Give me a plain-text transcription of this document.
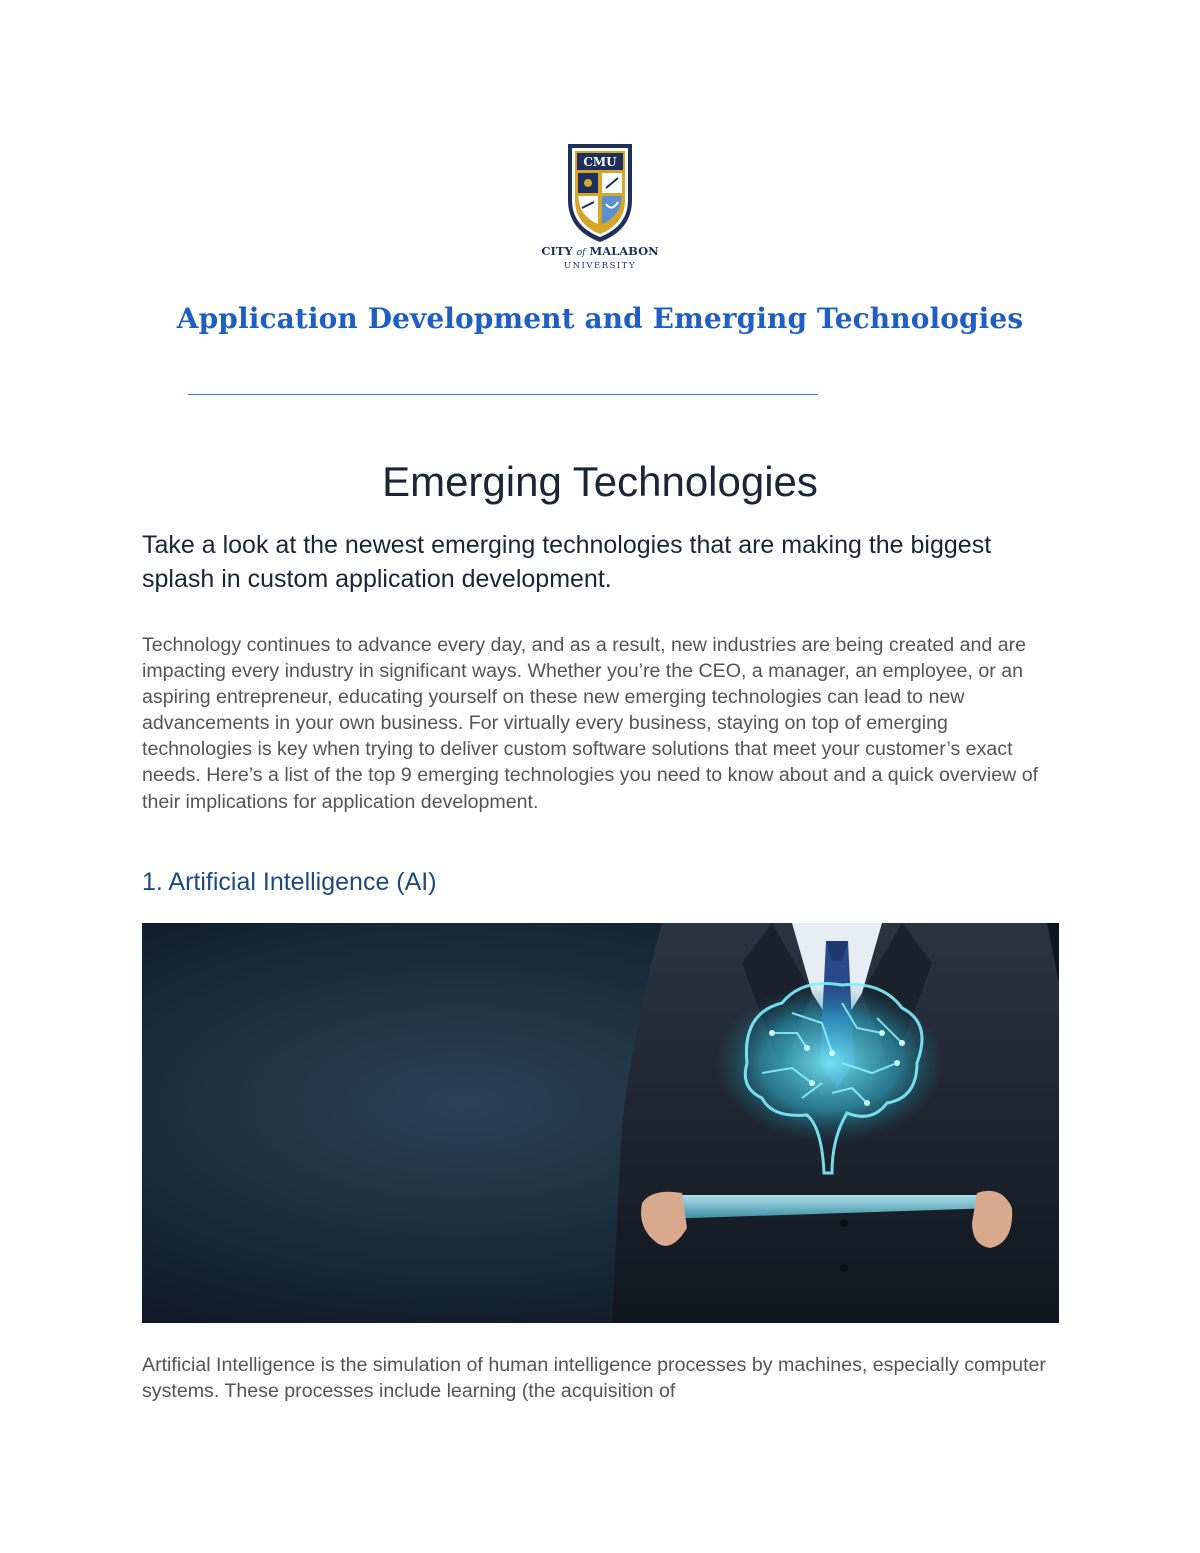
CMU
CITY of MALABON
UNIVERSITY
Application Development and Emerging Technologies
—————————————————————————————————————————————
Emerging Technologies
Take a look at the newest emerging technologies that are making the biggest splash in custom application development.

Technology continues to advance every day, and as a result, new industries are being created and are impacting every industry in significant ways. Whether you’re the CEO, a manager, an employee, or an aspiring entrepreneur, educating yourself on these new emerging technologies can lead to new advancements in your own business. For virtually every business, staying on top of emerging technologies is key when trying to deliver custom software solutions that meet your customer’s exact needs. Here’s a list of the top 9 emerging technologies you need to know about and a quick overview of their implications for application development.

1. Artificial Intelligence (AI)

Artificial Intelligence is the simulation of human intelligence processes by machines, especially computer systems. These processes include learning (the acquisition of
